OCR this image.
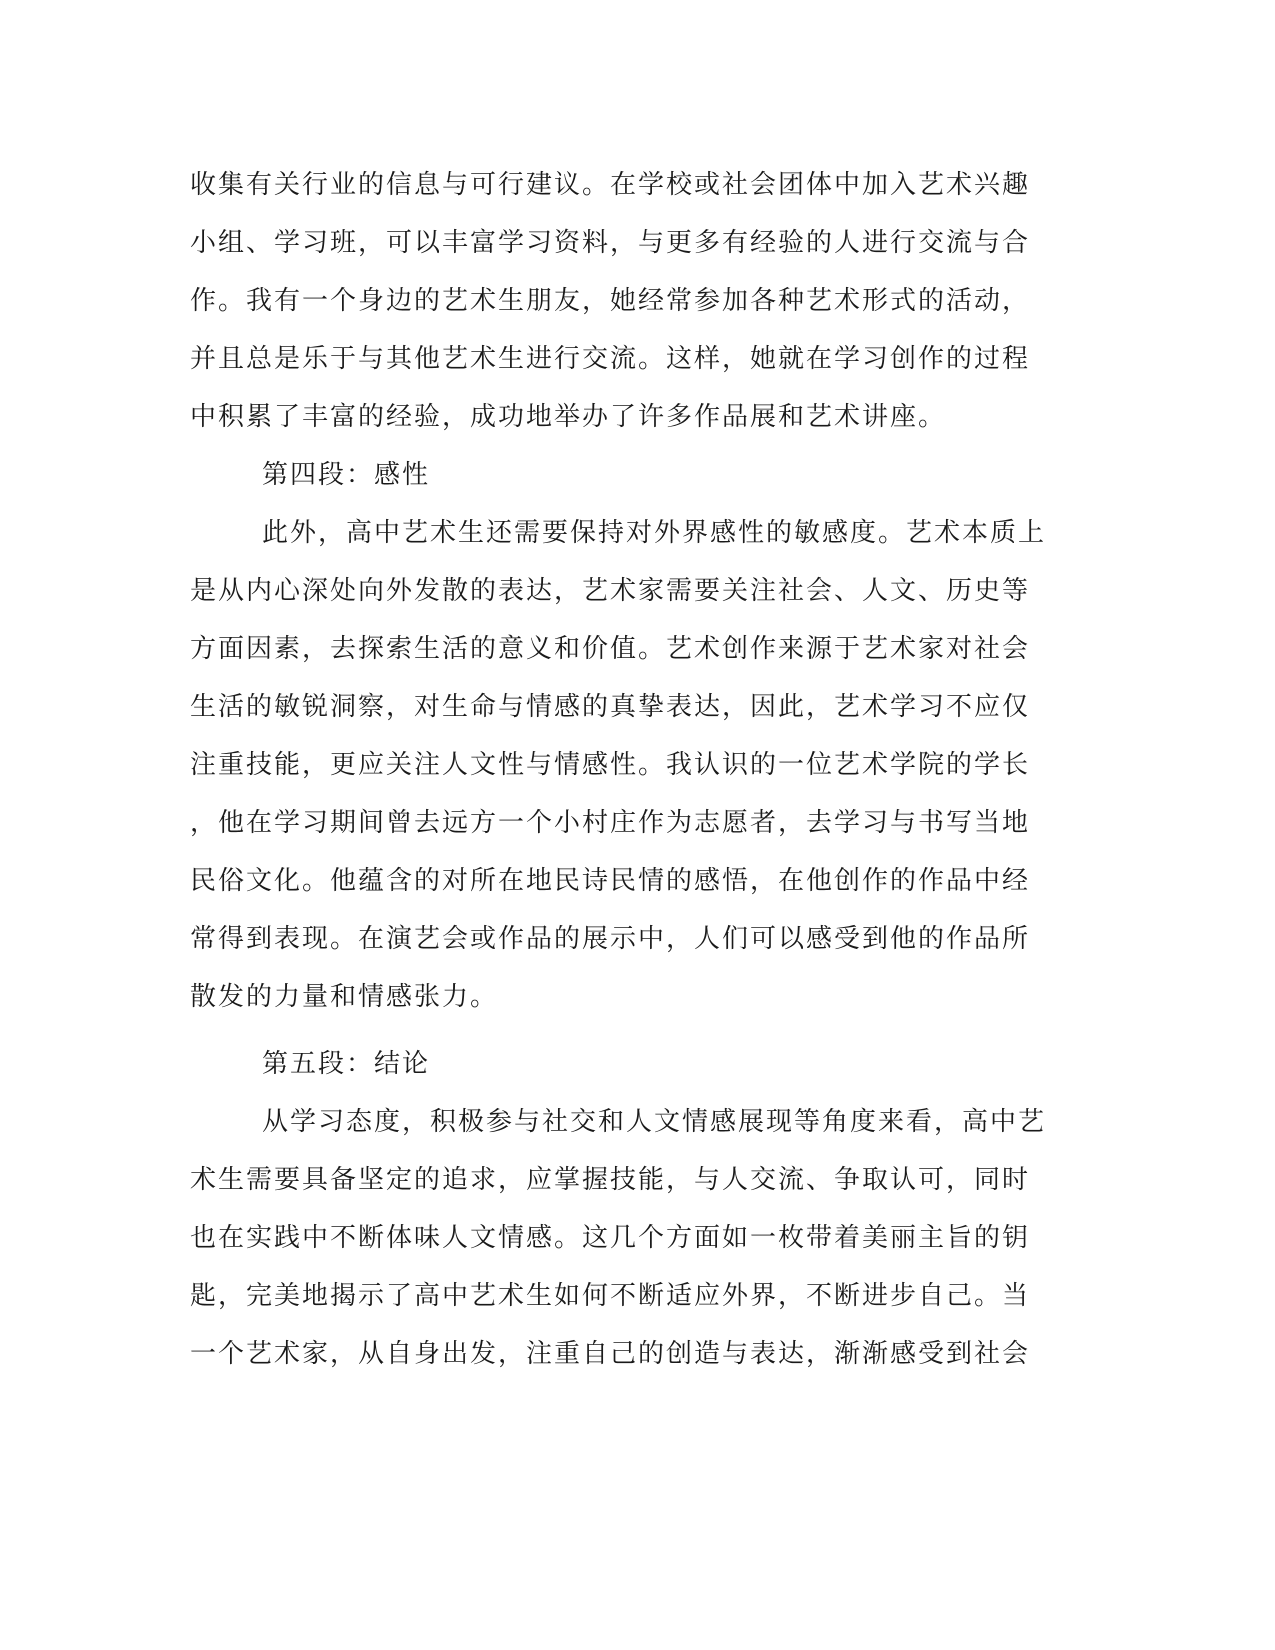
收集有关行业的信息与可行建议。在学校或社会团体中加入艺术兴趣
小组、学习班，可以丰富学习资料，与更多有经验的人进行交流与合
作。我有一个身边的艺术生朋友，她经常参加各种艺术形式的活动，
并且总是乐于与其他艺术生进行交流。这样，她就在学习创作的过程
中积累了丰富的经验，成功地举办了许多作品展和艺术讲座。
第四段：感性
此外，高中艺术生还需要保持对外界感性的敏感度。艺术本质上
是从内心深处向外发散的表达，艺术家需要关注社会、人文、历史等
方面因素，去探索生活的意义和价值。艺术创作来源于艺术家对社会
生活的敏锐洞察，对生命与情感的真挚表达，因此，艺术学习不应仅
注重技能，更应关注人文性与情感性。我认识的一位艺术学院的学长
，他在学习期间曾去远方一个小村庄作为志愿者，去学习与书写当地
民俗文化。他蕴含的对所在地民诗民情的感悟，在他创作的作品中经
常得到表现。在演艺会或作品的展示中，人们可以感受到他的作品所
散发的力量和情感张力。
第五段：结论
从学习态度，积极参与社交和人文情感展现等角度来看，高中艺
术生需要具备坚定的追求，应掌握技能，与人交流、争取认可，同时
也在实践中不断体味人文情感。这几个方面如一枚带着美丽主旨的钥
匙，完美地揭示了高中艺术生如何不断适应外界，不断进步自己。当
一个艺术家，从自身出发，注重自己的创造与表达，渐渐感受到社会
